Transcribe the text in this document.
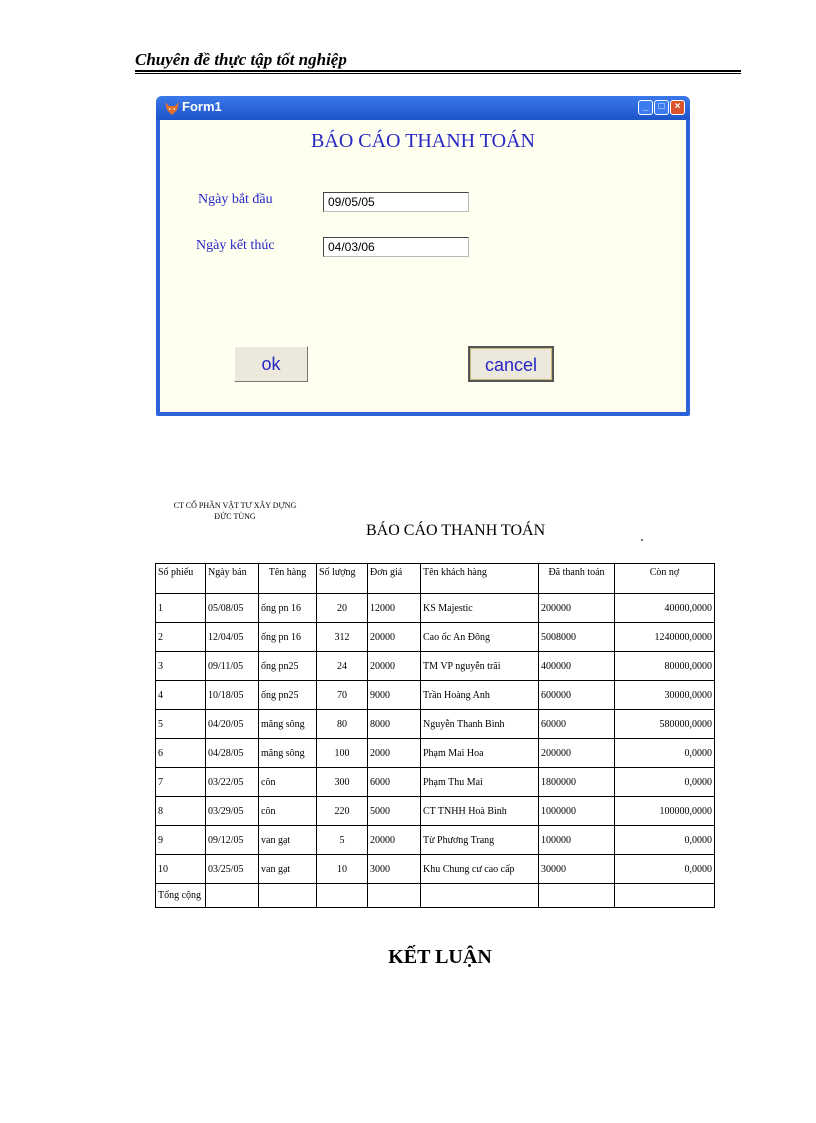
Chuyên đề thực tập tốt nghiệp
Form1	_	□	×
BÁO CÁO THANH TOÁN
Ngày bắt đầu	09/05/05
Ngày kết thúc	04/03/06
ok	cancel
CT CỔ PHẦN VẬT TƯ XÂY DỰNG
ĐỨC TÙNG
BÁO CÁO THANH TOÁN
Số phiếu	Ngày bán	Tên hàng	Số lượng	Đơn giá	Tên khách hàng	Đã thanh toán	Còn nợ
1	05/08/05	ống pn 16	20	12000	KS Majestic	200000	40000,0000
2	12/04/05	ống pn 16	312	20000	Cao ốc An Đông	5008000	1240000,0000
3	09/11/05	ống pn25	24	20000	TM VP nguyễn trãi	400000	80000,0000
4	10/18/05	ống pn25	70	9000	Trần Hoàng Anh	600000	30000,0000
5	04/20/05	măng sông	80	8000	Nguyễn Thanh Bình	60000	580000,0000
6	04/28/05	măng sông	100	2000	Phạm Mai Hoa	200000	0,0000
7	03/22/05	côn	300	6000	Phạm Thu Mai	1800000	0,0000
8	03/29/05	côn	220	5000	CT TNHH Hoà Bình	1000000	100000,0000
9	09/12/05	van gạt	5	20000	Từ Phương Trang	100000	0,0000
10	03/25/05	van gạt	10	3000	Khu Chung cư cao cấp	30000	0,0000
Tổng cộng							
KẾT LUẬN
